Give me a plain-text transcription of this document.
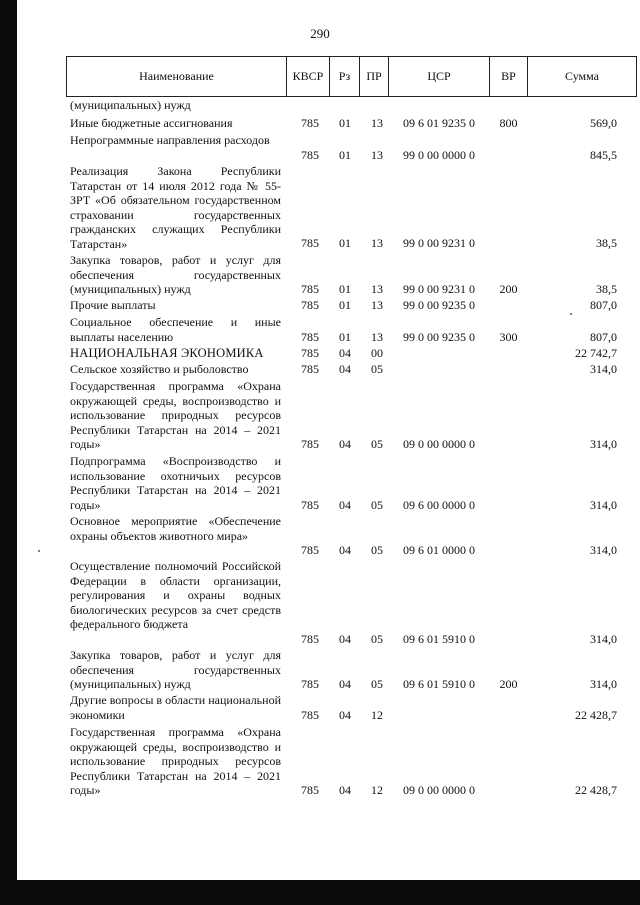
290
Наименование	КВСР	Рз	ПР	ЦСР	ВР	Сумма
(муниципальных) нужд
Иные бюджетные ассигнования	785	01	13	09 6 01 9235 0	800	569,0
Непрограммные направления расходов
785	01	13	99 0 00 0000 0	845,5
Реализация Закона Республики Татарстан от 14 июля 2012 года № 55-ЗРТ «Об обязательном государственном страховании государственных гражданских служащих Республики Татарстан»	785	01	13	99 0 00 9231 0	38,5
Закупка товаров, работ и услуг для обеспечения государственных (муниципальных) нужд	785	01	13	99 0 00 9231 0	200	38,5
Прочие выплаты	785	01	13	99 0 00 9235 0	807,0
Социальное обеспечение и иные выплаты населению	785	01	13	99 0 00 9235 0	300	807,0
НАЦИОНАЛЬНАЯ ЭКОНОМИКА	785	04	00	22 742,7
Сельское хозяйство и рыболовство	785	04	05	314,0
Государственная программа «Охрана окружающей среды, воспроизводство и использование природных ресурсов Республики Татарстан на 2014 – 2021 годы»	785	04	05	09 0 00 0000 0	314,0
Подпрограмма «Воспроизводство и использование охотничьих ресурсов Республики Татарстан на 2014 – 2021 годы»	785	04	05	09 6 00 0000 0	314,0
Основное мероприятие «Обеспечение охраны объектов животного мира»
785	04	05	09 6 01 0000 0	314,0
Осуществление полномочий Российской Федерации в области организации, регулирования и охраны водных биологических ресурсов за счет средств федерального бюджета
785	04	05	09 6 01 5910 0	314,0
Закупка товаров, работ и услуг для обеспечения государственных (муниципальных) нужд	785	04	05	09 6 01 5910 0	200	314,0
Другие вопросы в области национальной экономики	785	04	12	22 428,7
Государственная программа «Охрана окружающей среды, воспроизводство и использование природных ресурсов Республики Татарстан на 2014 – 2021 годы»	785	04	12	09 0 00 0000 0	22 428,7
